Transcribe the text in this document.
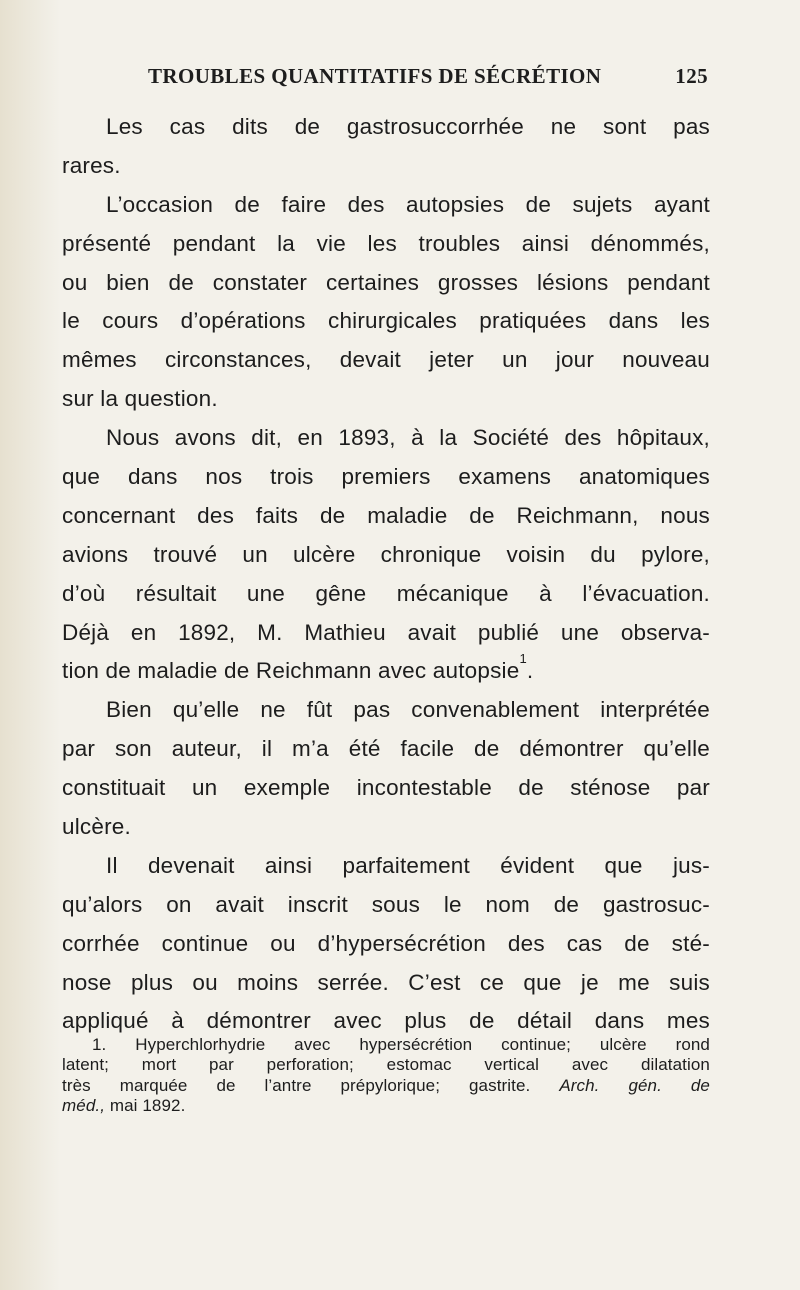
TROUBLES QUANTITATIFS DE SÉCRÉTION	125
Les cas dits de gastrosuccorrhée ne sont pas
rares.
L’occasion de faire des autopsies de sujets ayant
présenté pendant la vie les troubles ainsi dénommés,
ou bien de constater certaines grosses lésions pendant
le cours d’opérations chirurgicales pratiquées dans les
mêmes circonstances, devait jeter un jour nouveau
sur la question.
Nous avons dit, en 1893, à la Société des hôpitaux,
que dans nos trois premiers examens anatomiques
concernant des faits de maladie de Reichmann, nous
avions trouvé un ulcère chronique voisin du pylore,
d’où résultait une gêne mécanique à l’évacuation.
Déjà en 1892, M. Mathieu avait publié une observa-
tion de maladie de Reichmann avec autopsie$^1$.
Bien qu’elle ne fût pas convenablement interprétée
par son auteur, il m’a été facile de démontrer qu’elle
constituait un exemple incontestable de sténose par
ulcère.
Il devenait ainsi parfaitement évident que jus-
qu’alors on avait inscrit sous le nom de gastrosuc-
corrhée continue ou d’hypersécrétion des cas de sté-
nose plus ou moins serrée. C’est ce que je me suis
appliqué à démontrer avec plus de détail dans mes
1. Hyperchlorhydrie avec hypersécrétion continue; ulcère rond
latent; mort par perforation; estomac vertical avec dilatation
très marquée de l’antre prépylorique; gastrite. Arch. gén. de
méd., mai 1892.
